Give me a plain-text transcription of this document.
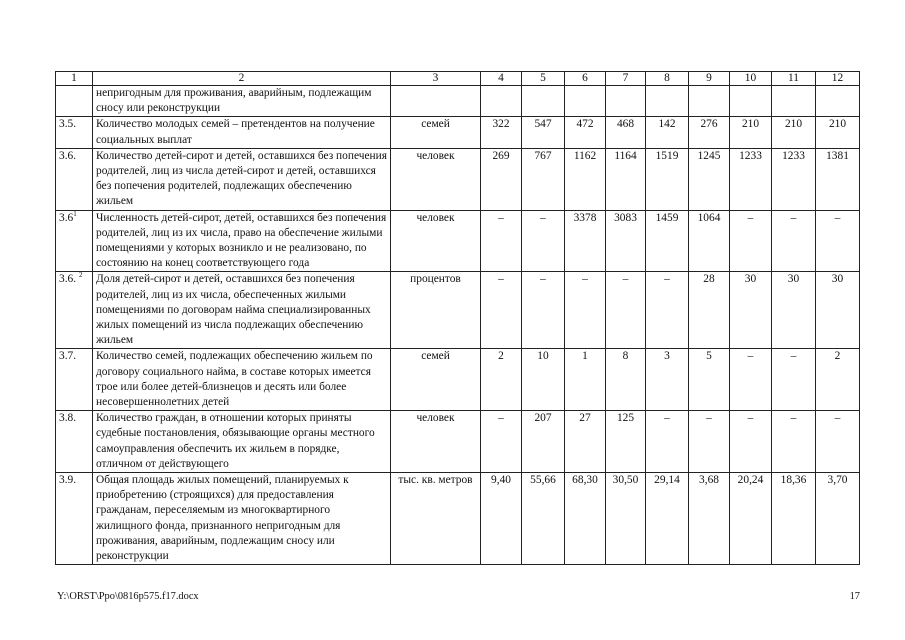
1	2	3	4	5	6	7	8	9	10	11	12
	непригодным для проживания, аварийным, подлежащим сносу или реконструкции										
3.5.	Количество молодых семей – претендентов на получение социальных выплат	семей	322	547	472	468	142	276	210	210	210
3.6.	Количество детей-сирот и детей, оставшихся без попечения родителей, лиц из числа детей-сирот и детей, оставшихся без попечения родителей, подлежащих обеспечению жильем	человек	269	767	1162	1164	1519	1245	1233	1233	1381
$3.6^1$	Численность детей-сирот, детей, оставшихся без попечения родителей, лиц из их числа, право на обеспечение жилыми помещениями у которых возникло и не реализовано, по состоянию на конец соответствующего года	человек	–	–	3378	3083	1459	1064	–	–	–
3.6. $^2$	Доля детей-сирот и детей, оставшихся без попечения родителей, лиц из их числа, обеспеченных жилыми помещениями по договорам найма специализированных жилых помещений из числа подлежащих обеспечению жильем	процентов	–	–	–	–	–	28	30	30	30
3.7.	Количество семей, подлежащих обеспечению жильем по договору социального найма, в составе которых имеется трое или более детей-близнецов и десять или более несовершеннолетних детей	семей	2	10	1	8	3	5	–	–	2
3.8.	Количество граждан, в отношении которых приняты судебные постановления, обязывающие органы местного самоуправления обеспечить их жильем в порядке, отличном от действующего	человек	–	207	27	125	–	–	–	–	–
3.9.	Общая площадь жилых помещений, планируемых к приобретению (строящихся) для предоставления гражданам, переселяемым из многоквартирного жилищного фонда, признанного непригодным для проживания, аварийным, подлежащим сносу или реконструкции	тыс. кв. метров	9,40	55,66	68,30	30,50	29,14	3,68	20,24	18,36	3,70
Y:\ORST\Ppo\0816p575.f17.docx	17
